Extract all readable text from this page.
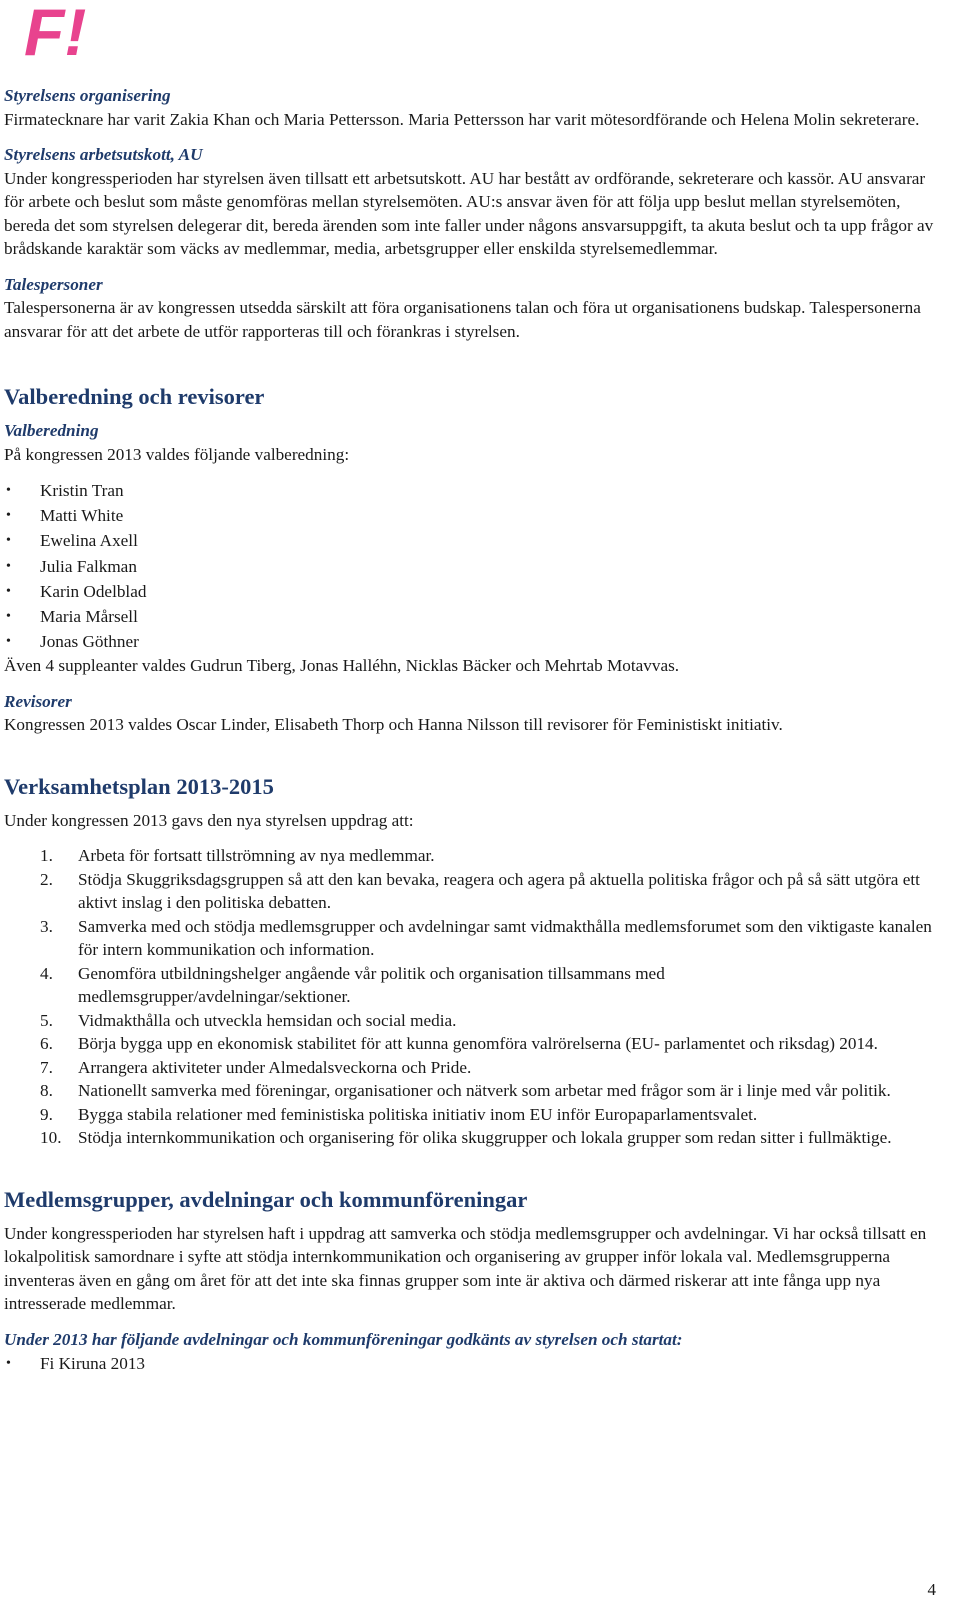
F!

Styrelsens organisering

Firmatecknare har varit Zakia Khan och Maria Pettersson. Maria Pettersson har varit mötesordförande och Helena Molin sekreterare.

Styrelsens arbetsutskott, AU

Under kongressperioden har styrelsen även tillsatt ett arbetsutskott. AU har bestått av ordförande, sekreterare och kassör. AU ansvarar för arbete och beslut som måste genomföras mellan styrelsemöten. AU:s ansvar även för att följa upp beslut mellan styrelsemöten, bereda det som styrelsen delegerar dit, bereda ärenden som inte faller under någons ansvarsuppgift, ta akuta beslut och ta upp frågor av brådskande karaktär som väcks av medlemmar, media, arbetsgrupper eller enskilda styrelsemedlemmar.

Talespersoner

Talespersonerna är av kongressen utsedda särskilt att föra organisationens talan och föra ut organisationens budskap. Talespersonerna ansvarar för att det arbete de utför rapporteras till och förankras i styrelsen.

Valberedning och revisorer

Valberedning

På kongressen 2013 valdes följande valberedning:

• Kristin Tran
• Matti White
• Ewelina Axell
• Julia Falkman
• Karin Odelblad
• Maria Mårsell
• Jonas Göthner

Även 4 suppleanter valdes Gudrun Tiberg, Jonas Halléhn, Nicklas Bäcker och Mehrtab Motavvas.

Revisorer

Kongressen 2013 valdes Oscar Linder, Elisabeth Thorp och Hanna Nilsson till revisorer för Feministiskt initiativ.

Verksamhetsplan 2013-2015

Under kongressen 2013 gavs den nya styrelsen uppdrag att:

1. Arbeta för fortsatt tillströmning av nya medlemmar.
2. Stödja Skuggriksdagsgruppen så att den kan bevaka, reagera och agera på aktuella politiska frågor och på så sätt utgöra ett aktivt inslag i den politiska debatten.
3. Samverka med och stödja medlemsgrupper och avdelningar samt vidmakthålla medlemsforumet som den viktigaste kanalen för intern kommunikation och information.
4. Genomföra utbildningshelger angående vår politik och organisation tillsammans med medlemsgrupper/avdelningar/sektioner.
5. Vidmakthålla och utveckla hemsidan och social media.
6. Börja bygga upp en ekonomisk stabilitet för att kunna genomföra valrörelserna (EU- parlamentet och riksdag) 2014.
7. Arrangera aktiviteter under Almedalsveckorna och Pride.
8. Nationellt samverka med föreningar, organisationer och nätverk som arbetar med frågor som är i linje med vår politik.
9. Bygga stabila relationer med feministiska politiska initiativ inom EU inför Europaparlamentsvalet.
10. Stödja internkommunikation och organisering för olika skuggrupper och lokala grupper som redan sitter i fullmäktige.

Medlemsgrupper, avdelningar och kommunföreningar

Under kongressperioden har styrelsen haft i uppdrag att samverka och stödja medlemsgrupper och avdelningar. Vi har också tillsatt en lokalpolitisk samordnare i syfte att stödja internkommunikation och organisering av grupper inför lokala val. Medlemsgrupperna inventeras även en gång om året för att det inte ska finnas grupper som inte är aktiva och därmed riskerar att inte fånga upp nya intresserade medlemmar.

Under 2013 har följande avdelningar och kommunföreningar godkänts av styrelsen och startat:

• Fi Kiruna 2013
4
